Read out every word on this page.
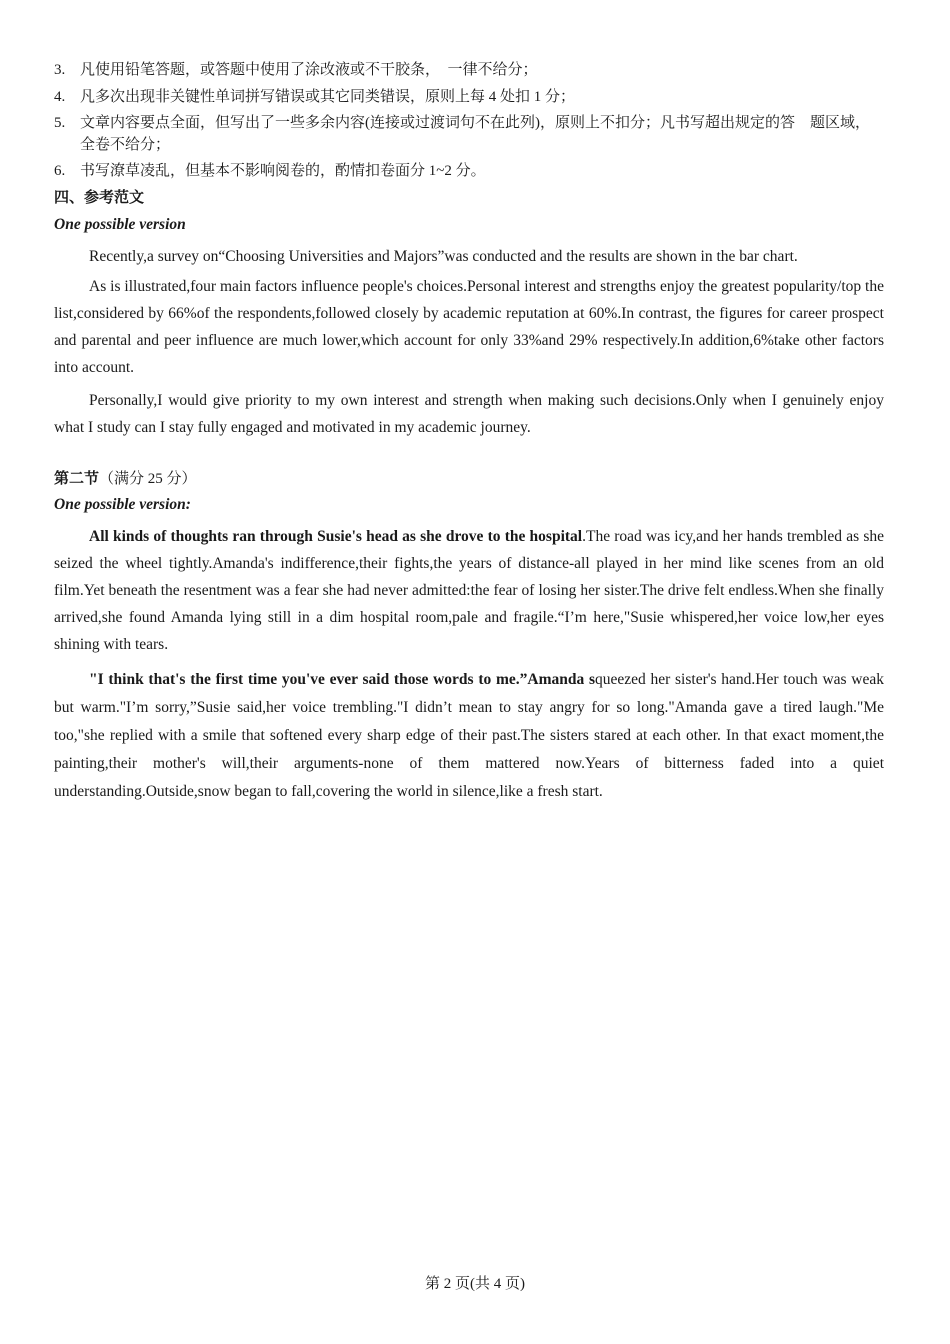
3. 凡使用铅笔答题，或答题中使用了涂改液或不干胶条，　一律不给分；
4. 凡多次出现非关键性单词拼写错误或其它同类错误，原则上每 4 处扣 1 分；
5. 文章内容要点全面，但写出了一些多余内容(连接或过渡词句不在此列)，原则上不扣分；凡书写超出规定的答　题区域，全卷不给分；
6. 书写潦草凌乱，但基本不影响阅卷的，酌情扣卷面分 1~2 分。
四、参考范文
One possible version
Recently,a survey on“Choosing Universities and Majors”was conducted and the results are shown in the bar chart.
As is illustrated,four main factors influence people's choices.Personal interest and strengths enjoy the greatest popularity/top the list,considered by 66%of the respondents,followed closely by academic reputation at 60%.In contrast, the figures for career prospect and parental and peer influence are much lower,which account for only 33%and 29% respectively.In addition,6%take other factors into account.
Personally,I would give priority to my own interest and strength when making such decisions.Only when I genuinely enjoy what I study can I stay fully engaged and motivated in my academic journey.
第二节（满分 25 分）
One possible version:
All kinds of thoughts ran through Susie's head as she drove to the hospital.The road was icy,and her hands trembled as she seized the wheel tightly.Amanda's indifference,their fights,the years of distance-all played in her mind like scenes from an old film.Yet beneath the resentment was a fear she had never admitted:the fear of losing her sister.The drive felt endless.When she finally arrived,she found Amanda lying still in a dim hospital room,pale and fragile.“I’m here,"Susie whispered,her voice low,her eyes shining with tears.
"I think that's the first time you've ever said those words to me.”Amanda squeezed her sister's hand.Her touch was weak but warm."I’m sorry,”Susie said,her voice trembling."I didn’t mean to stay angry for so long."Amanda gave a tired laugh."Me too,"she replied with a smile that softened every sharp edge of their past.The sisters stared at each other. In that exact moment,the painting,their mother's will,their arguments-none of them mattered now.Years of bitterness faded into a quiet understanding.Outside,snow began to fall,covering the world in silence,like a fresh start.
第 2 页(共 4 页)
